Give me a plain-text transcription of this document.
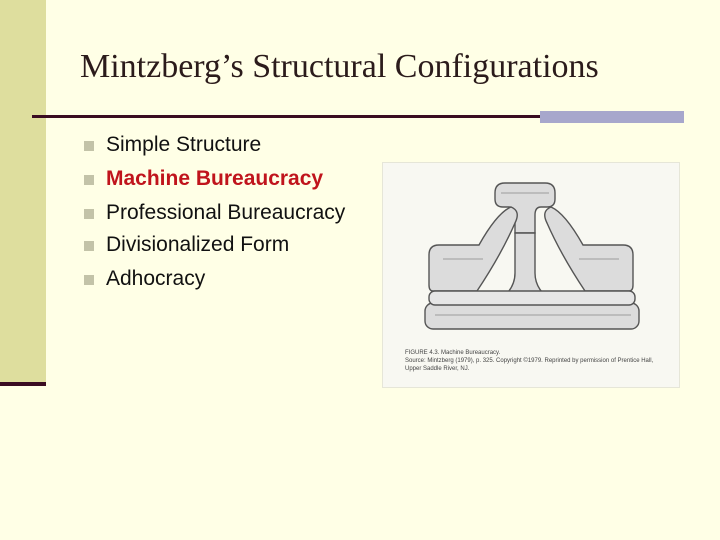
Mintzberg’s Structural Configurations
Simple Structure
Machine Bureaucracy
Professional Bureaucracy
Divisionalized Form
Adhocracy
FIGURE 4.3. Machine Bureaucracy.
Source: Mintzberg (1979), p. 325. Copyright ©1979. Reprinted by permission of Prentice Hall,
Upper Saddle River, NJ.
